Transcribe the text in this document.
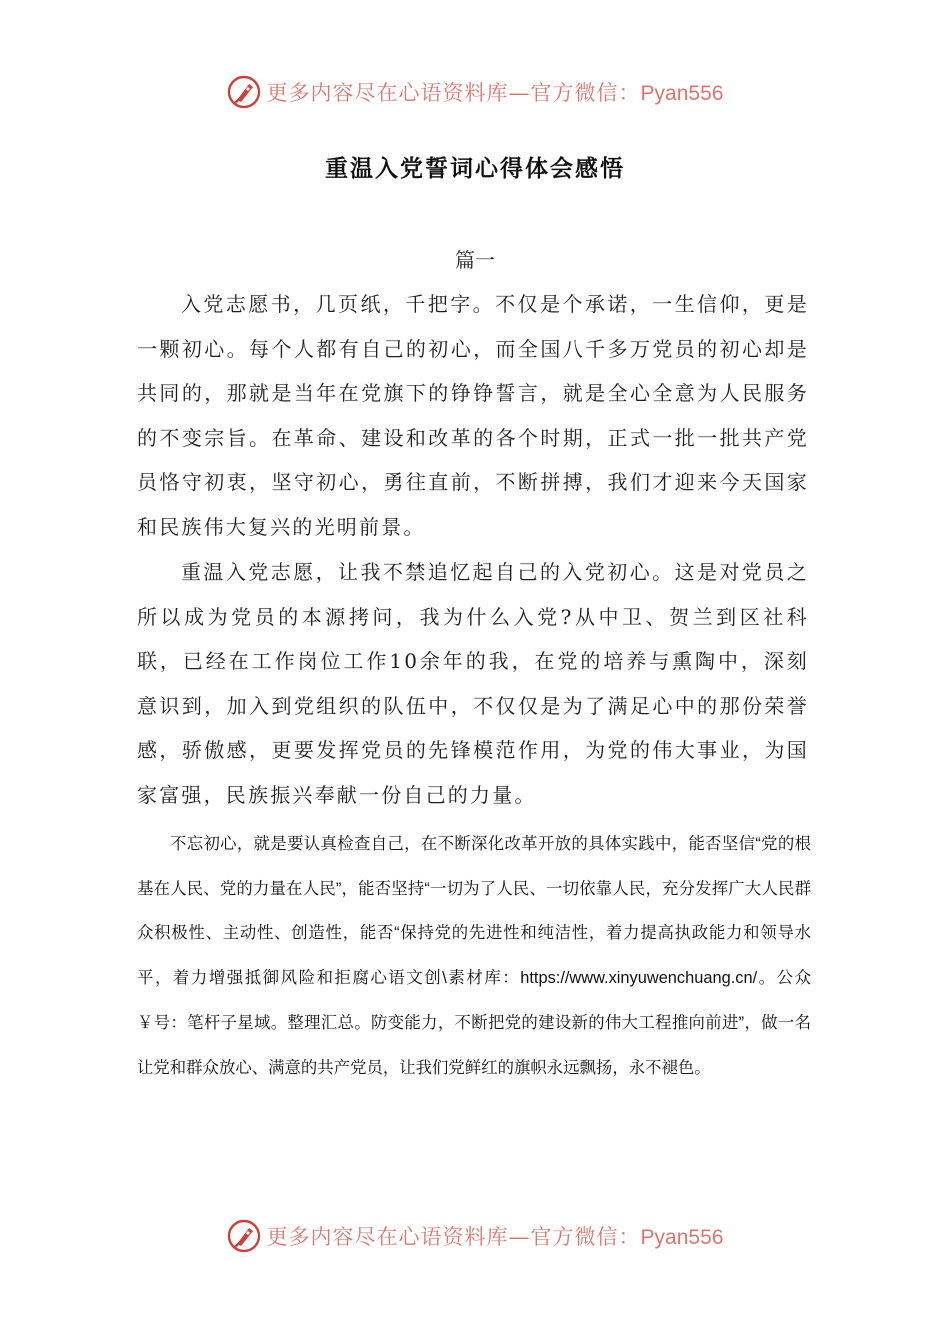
更多内容尽在心语资料库—官方微信：Pyan556
重温入党誓词心得体会感悟
篇一

入党志愿书，几页纸，千把字。不仅是个承诺，一生信仰，更是一颗初心。每个人都有自己的初心，而全国八千多万党员的初心却是共同的，那就是当年在党旗下的铮铮誓言，就是全心全意为人民服务的不变宗旨。在革命、建设和改革的各个时期，正式一批一批共产党员恪守初衷，坚守初心，勇往直前，不断拼搏，我们才迎来今天国家和民族伟大复兴的光明前景。

重温入党志愿，让我不禁追忆起自己的入党初心。这是对党员之所以成为党员的本源拷问，我为什么入党?从中卫、贺兰到区社科联，已经在工作岗位工作10余年的我，在党的培养与熏陶中，深刻意识到，加入到党组织的队伍中，不仅仅是为了满足心中的那份荣誉感，骄傲感，更要发挥党员的先锋模范作用，为党的伟大事业，为国家富强，民族振兴奉献一份自己的力量。

不忘初心，就是要认真检查自己，在不断深化改革开放的具体实践中，能否坚信“党的根基在人民、党的力量在人民”，能否坚持“一切为了人民、一切依靠人民，充分发挥广大人民群众积极性、主动性、创造性，能否“保持党的先进性和纯洁性，着力提高执政能力和领导水平，着力增强抵御风险和拒腐心语文创\素材库：https://www.xinyuwenchuang.cn/。公众￥号：笔杆子星域。整理汇总。防变能力，不断把党的建设新的伟大工程推向前进”，做一名让党和群众放心、满意的共产党员，让我们党鲜红的旗帜永远飘扬，永不褪色。

更多内容尽在心语资料库—官方微信：Pyan556
